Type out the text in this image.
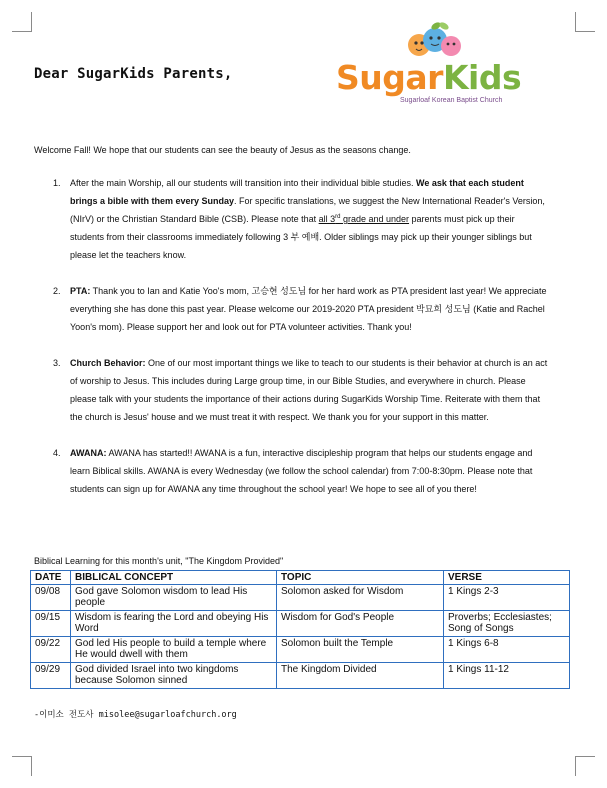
Dear SugarKids Parents,	SugarKids
Sugarloaf Korean Baptist Church
Welcome Fall! We hope that our students can see the beauty of Jesus as the seasons change.
1.	After the main Worship, all our students will transition into their individual bible studies. We ask that each student brings a bible with them every Sunday. For specific translations, we suggest the New International Reader's Version, (NIrV) or the Christian Standard Bible (CSB). Please note that all 3rd grade and under parents must pick up their students from their classrooms immediately following 3 부 예배. Older siblings may pick up their younger siblings but please let the teachers know.
2.	PTA: Thank you to Ian and Katie Yoo's mom, 고승현 성도님 for her hard work as PTA president last year! We appreciate everything she has done this past year. Please welcome our 2019-2020 PTA president 박묘희 성도님 (Katie and Rachel Yoon's mom). Please support her and look out for PTA volunteer activities. Thank you!
3.	Church Behavior: One of our most important things we like to teach to our students is their behavior at church is an act of worship to Jesus. This includes during Large group time, in our Bible Studies, and everywhere in church. Please please talk with your students the importance of their actions during SugarKids Worship Time. Reiterate with them that the church is Jesus' house and we must treat it with respect. We thank you for your support in this matter.
4.	AWANA: AWANA has started!! AWANA is a fun, interactive discipleship program that helps our students engage and learn Biblical skills. AWANA is every Wednesday (we follow the school calendar) from 7:00-8:30pm. Please note that students can sign up for AWANA any time throughout the school year! We hope to see all of you there!
Biblical Learning for this month's unit, "The Kingdom Provided"
DATE	BIBLICAL CONCEPT	TOPIC	VERSE
09/08	God gave Solomon wisdom to lead His people	Solomon asked for Wisdom	1 Kings 2-3
09/15	Wisdom is fearing the Lord and obeying His Word	Wisdom for God's People	Proverbs; Ecclesiastes; Song of Songs
09/22	God led His people to build a temple where He would dwell with them	Solomon built the Temple	1 Kings 6-8
09/29	God divided Israel into two kingdoms because Solomon sinned	The Kingdom Divided	1 Kings 11-12
-이미소 전도사 misolee@sugarloafchurch.org
